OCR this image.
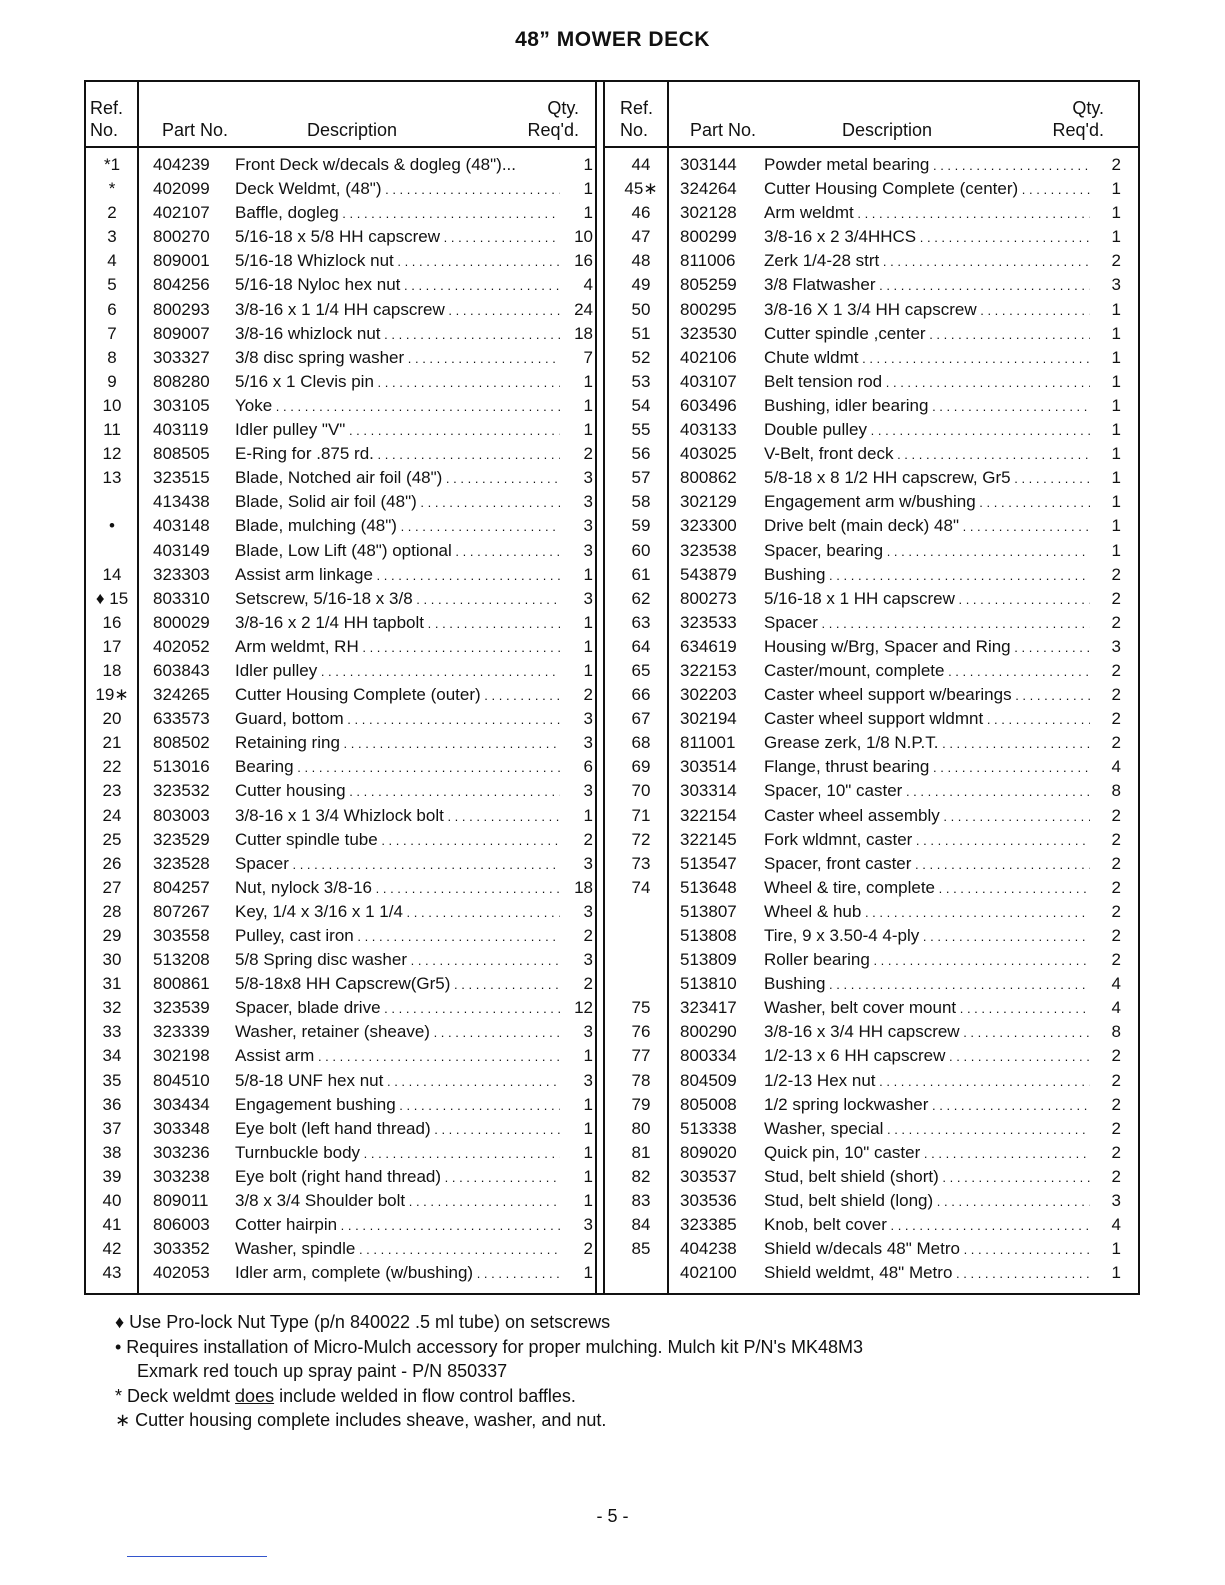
48” MOWER DECK
Ref.
No. Part No.	Description
Qty.
Req'd.
Ref.
No. Part No.	Description
Qty.
Req'd.
*1	404239 Front Deck w/decals & dogleg (48")...	1
*	402099 Deck Weldmt, (48") . . .	1
2	402107 Baffle, dogleg . . .	1
3	800270 5/16-18 x 5/8 HH capscrew . . .	10
4	809001 5/16-18 Whizlock nut . . .	16
5	804256 5/16-18 Nyloc hex nut . . .	4
6	800293 3/8-16 x 1 1/4 HH capscrew . . .	24
7	809007 3/8-16 whizlock nut . . .	18
8	303327 3/8 disc spring washer . . .	7
9	808280 5/16 x 1 Clevis pin . . .	1
10	303105 Yoke . . .	1
11	403119 Idler pulley "V" . . .	1
12	808505 E-Ring for .875 rd. . . .	2
13	323515 Blade, Notched air foil (48") . . .	3
413438 Blade, Solid air foil (48") . . .	3
•	403148 Blade, mulching (48") . . .	3
403149 Blade, Low Lift (48") optional . . .	3
14	323303 Assist arm linkage . . .	1
♦ 15	803310 Setscrew, 5/16-18 x 3/8 . . .	3
16	800029 3/8-16 x 2 1/4 HH tapbolt . . .	1
17	402052 Arm weldmt, RH . . .	1
18	603843 Idler pulley . . .	1
19∗	324265 Cutter Housing Complete (outer) . . .	2
20	633573 Guard, bottom . . .	3
21	808502 Retaining ring . . .	3
22	513016 Bearing . . .	6
23	323532 Cutter housing . . .	3
24	803003 3/8-16 x 1 3/4 Whizlock bolt . . .	1
25	323529 Cutter spindle tube . . .	2
26	323528 Spacer . . .	3
27	804257 Nut, nylock 3/8-16 . . .	18
28	807267 Key, 1/4 x 3/16 x 1 1/4 . . .	3
29	303558 Pulley, cast iron . . .	2
30	513208 5/8 Spring disc washer . . .	3
31	800861 5/8-18x8 HH Capscrew(Gr5) . . .	2
32	323539 Spacer, blade drive . . .	12
33	323339 Washer, retainer (sheave) . . .	3
34	302198 Assist arm . . .	1
35	804510 5/8-18 UNF hex nut . . .	3
36	303434 Engagement bushing . . .	1
37	303348 Eye bolt (left hand thread) . . .	1
38	303236 Turnbuckle body . . .	1
39	303238 Eye bolt (right hand thread) . . .	1
40	809011 3/8 x 3/4 Shoulder bolt . . .	1
41	806003 Cotter hairpin . . .	3
42	303352 Washer, spindle . . .	2
43	402053 Idler arm, complete (w/bushing) . . .	1
44	303144 Powder metal bearing . . .	2
45∗	324264 Cutter Housing Complete (center) . . .	1
46	302128 Arm weldmt . . .	1
47	800299 3/8-16 x 2 3/4HHCS . . .	1
48	811006 Zerk 1/4-28 strt . . .	2
49	805259 3/8 Flatwasher . . .	3
50	800295 3/8-16 X 1 3/4 HH capscrew . . .	1
51	323530 Cutter spindle ,center . . .	1
52	402106 Chute wldmt . . .	1
53	403107 Belt tension rod . . .	1
54	603496 Bushing, idler bearing . . .	1
55	403133 Double pulley . . .	1
56	403025 V-Belt, front deck . . .	1
57	800862 5/8-18 x 8 1/2 HH capscrew, Gr5 . . .	1
58	302129 Engagement arm w/bushing . . .	1
59	323300 Drive belt (main deck) 48" . . .	1
60	323538 Spacer, bearing . . .	1
61	543879 Bushing . . .	2
62	800273 5/16-18 x 1 HH capscrew . . .	2
63	323533 Spacer . . .	2
64	634619 Housing w/Brg, Spacer and Ring . . .	3
65	322153 Caster/mount, complete . . .	2
66	302203 Caster wheel support w/bearings . . .	2
67	302194 Caster wheel support wldmnt . . .	2
68	811001 Grease zerk, 1/8 N.P.T. . . .	2
69	303514 Flange, thrust bearing . . .	4
70	303314 Spacer, 10" caster . . .	8
71	322154 Caster wheel assembly . . .	2
72	322145 Fork wldmnt, caster . . .	2
73	513547 Spacer, front caster . . .	2
74	513648 Wheel & tire, complete . . .	2
513807 Wheel & hub . . .	2
513808 Tire, 9 x 3.50-4 4-ply . . .	2
513809 Roller bearing . . .	2
513810 Bushing . . .	4
75	323417 Washer, belt cover mount . . .	4
76	800290 3/8-16 x 3/4 HH capscrew . . .	8
77	800334 1/2-13 x 6 HH capscrew . . .	2
78	804509 1/2-13 Hex nut . . .	2
79	805008 1/2 spring lockwasher . . .	2
80	513338 Washer, special . . .	2
81	809020 Quick pin, 10" caster . . .	2
82	303537 Stud, belt shield (short) . . .	2
83	303536 Stud, belt shield (long) . . .	3
84	323385 Knob, belt cover . . .	4
85	404238 Shield w/decals 48" Metro . . .	1
402100 Shield weldmt, 48" Metro . . .	1
♦ Use Pro-lock Nut Type (p/n 840022 .5 ml tube) on setscrews
• Requires installation of Micro-Mulch accessory for proper mulching. Mulch kit P/N's MK48M3
Exmark red touch up spray paint - P/N 850337
* Deck weldmt does include welded in flow control baffles.
∗ Cutter housing complete includes sheave, washer, and nut.
- 5 -
